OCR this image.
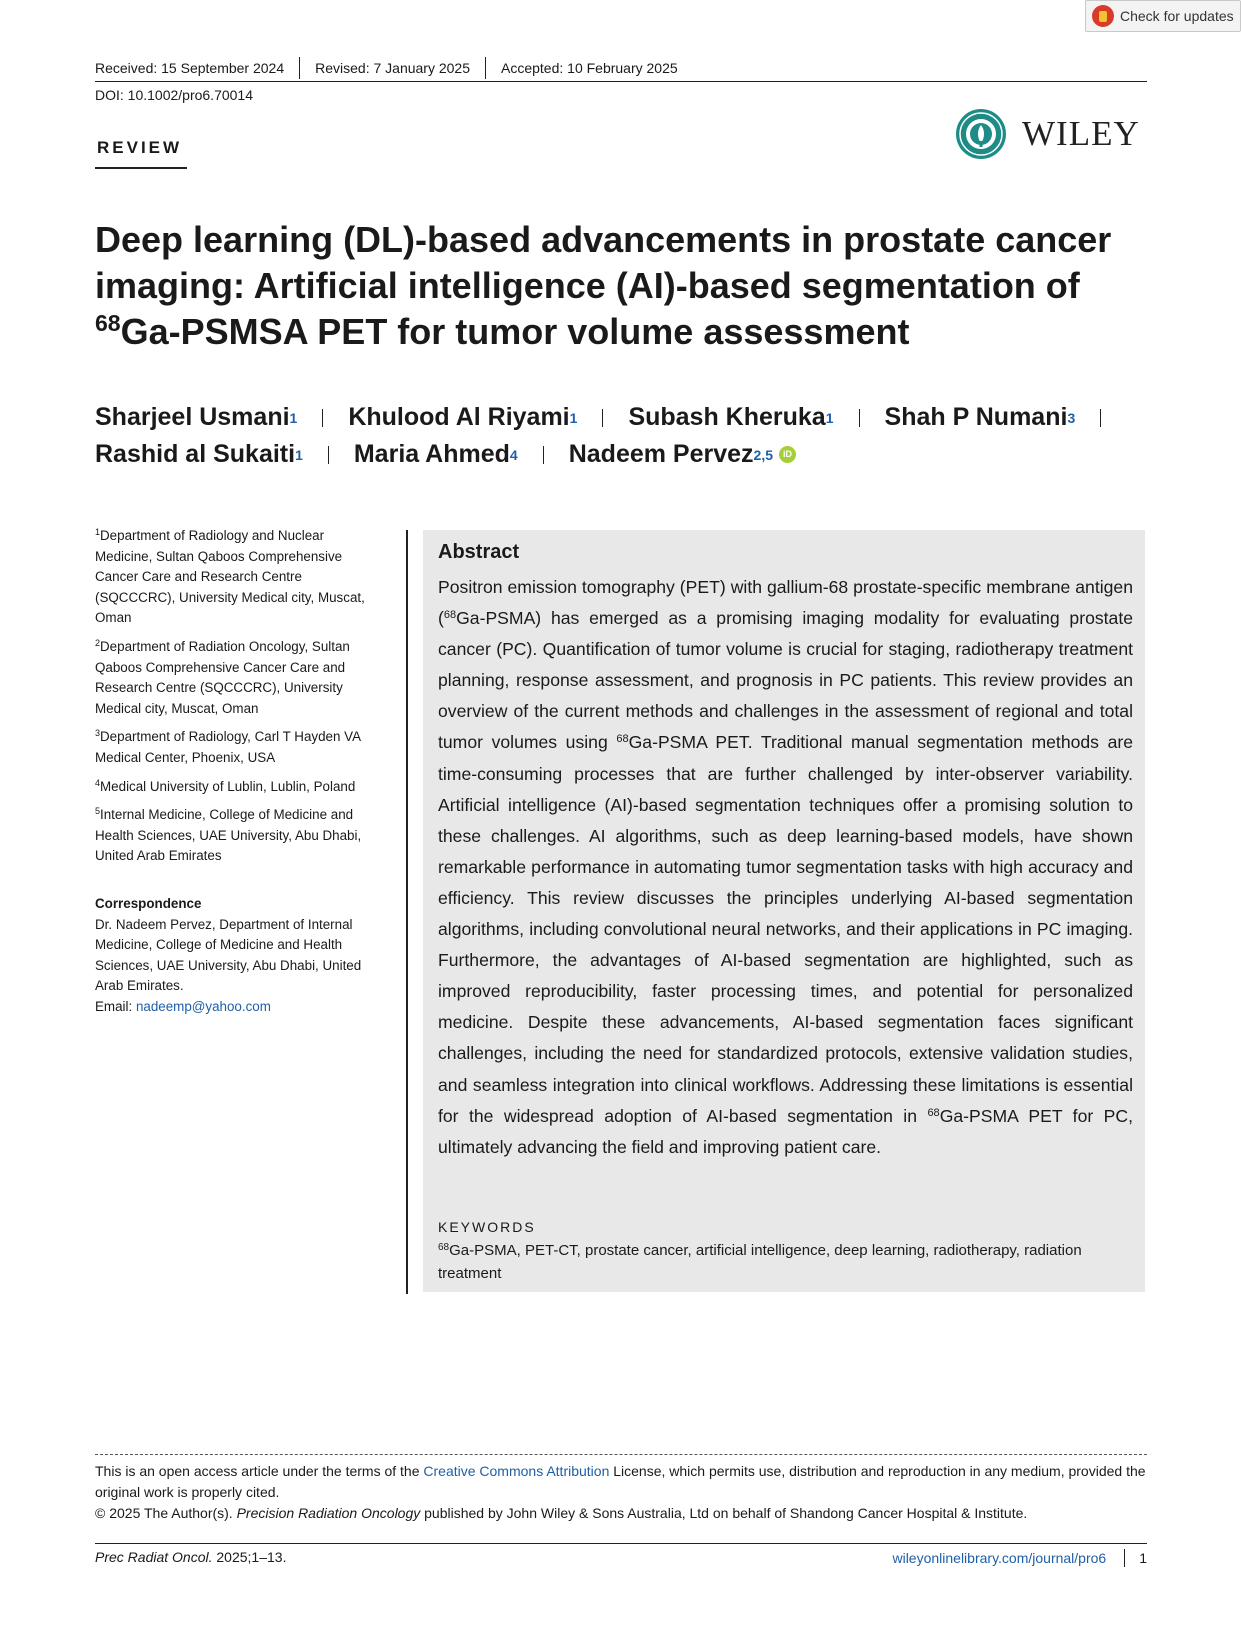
Check for updates
Received: 15 September 2024	Revised: 7 January 2025	Accepted: 10 February 2025
DOI: 10.1002/pro6.70014
REVIEW	WILEY
Deep learning (DL)-based advancements in prostate cancer
imaging: Artificial intelligence (AI)-based segmentation of
$^{68}$Ga-PSMSA PET for tumor volume assessment
Sharjeel Usmani 1 Khulood Al Riyami 1 Subash Kheruka 1 Shah P Numani 3
Rashid al Sukaiti 1 Maria Ahmed 4 Nadeem Pervez 2,5	iD

$^1$Department of Radiology and Nuclear Medicine, Sultan Qaboos Comprehensive Cancer Care and Research Centre (SQCCCRC), University Medical city, Muscat, Oman

$^2$Department of Radiation Oncology, Sultan Qaboos Comprehensive Cancer Care and Research Centre (SQCCCRC), University Medical city, Muscat, Oman

$^3$Department of Radiology, Carl T Hayden VA Medical Center, Phoenix, USA

$^4$Medical University of Lublin, Lublin, Poland

$^5$Internal Medicine, College of Medicine and Health Sciences, UAE University, Abu Dhabi, United Arab Emirates

Correspondence
Dr. Nadeem Pervez, Department of Internal Medicine, College of Medicine and Health Sciences, UAE University, Abu Dhabi, United Arab Emirates.
Email: nadeemp@yahoo.com
Abstract
Positron emission tomography (PET) with gallium-68 prostate-specific membrane antigen ($^{68}$Ga-PSMA) has emerged as a promising imaging modality for evaluating prostate cancer (PC). Quantification of tumor volume is crucial for staging, radiotherapy treatment planning, response assessment, and prognosis in PC patients. This review provides an overview of the current methods and challenges in the assessment of regional and total tumor volumes using $^{68}$Ga-PSMA PET. Traditional manual segmentation methods are time-consuming processes that are further challenged by inter-observer variability. Artificial intelligence (AI)-based segmentation techniques offer a promising solution to these challenges. AI algorithms, such as deep learning-based models, have shown remarkable performance in automating tumor segmentation tasks with high accuracy and efficiency. This review discusses the principles underlying AI-based segmentation algorithms, including convolutional neural networks, and their applications in PC imaging. Furthermore, the advantages of AI-based segmentation are highlighted, such as improved reproducibility, faster processing times, and potential for personalized medicine. Despite these advancements, AI-based segmentation faces significant challenges, including the need for standardized protocols, extensive validation studies, and seamless integration into clinical workflows. Addressing these limitations is essential for the widespread adoption of AI-based segmentation in $^{68}$Ga-PSMA PET for PC, ultimately advancing the field and improving patient care.
KEYWORDS
$^{68}$Ga-PSMA, PET-CT, prostate cancer, artificial intelligence, deep learning, radiotherapy, radiation treatment
This is an open access article under the terms of the Creative Commons Attribution License, which permits use, distribution and reproduction in any medium, provided the original work is properly cited.
© 2025 The Author(s). Precision Radiation Oncology published by John Wiley & Sons Australia, Ltd on behalf of Shandong Cancer Hospital & Institute.
Prec Radiat Oncol. 2025;1–13.	wileyonlinelibrary.com/journal/pro6 1
